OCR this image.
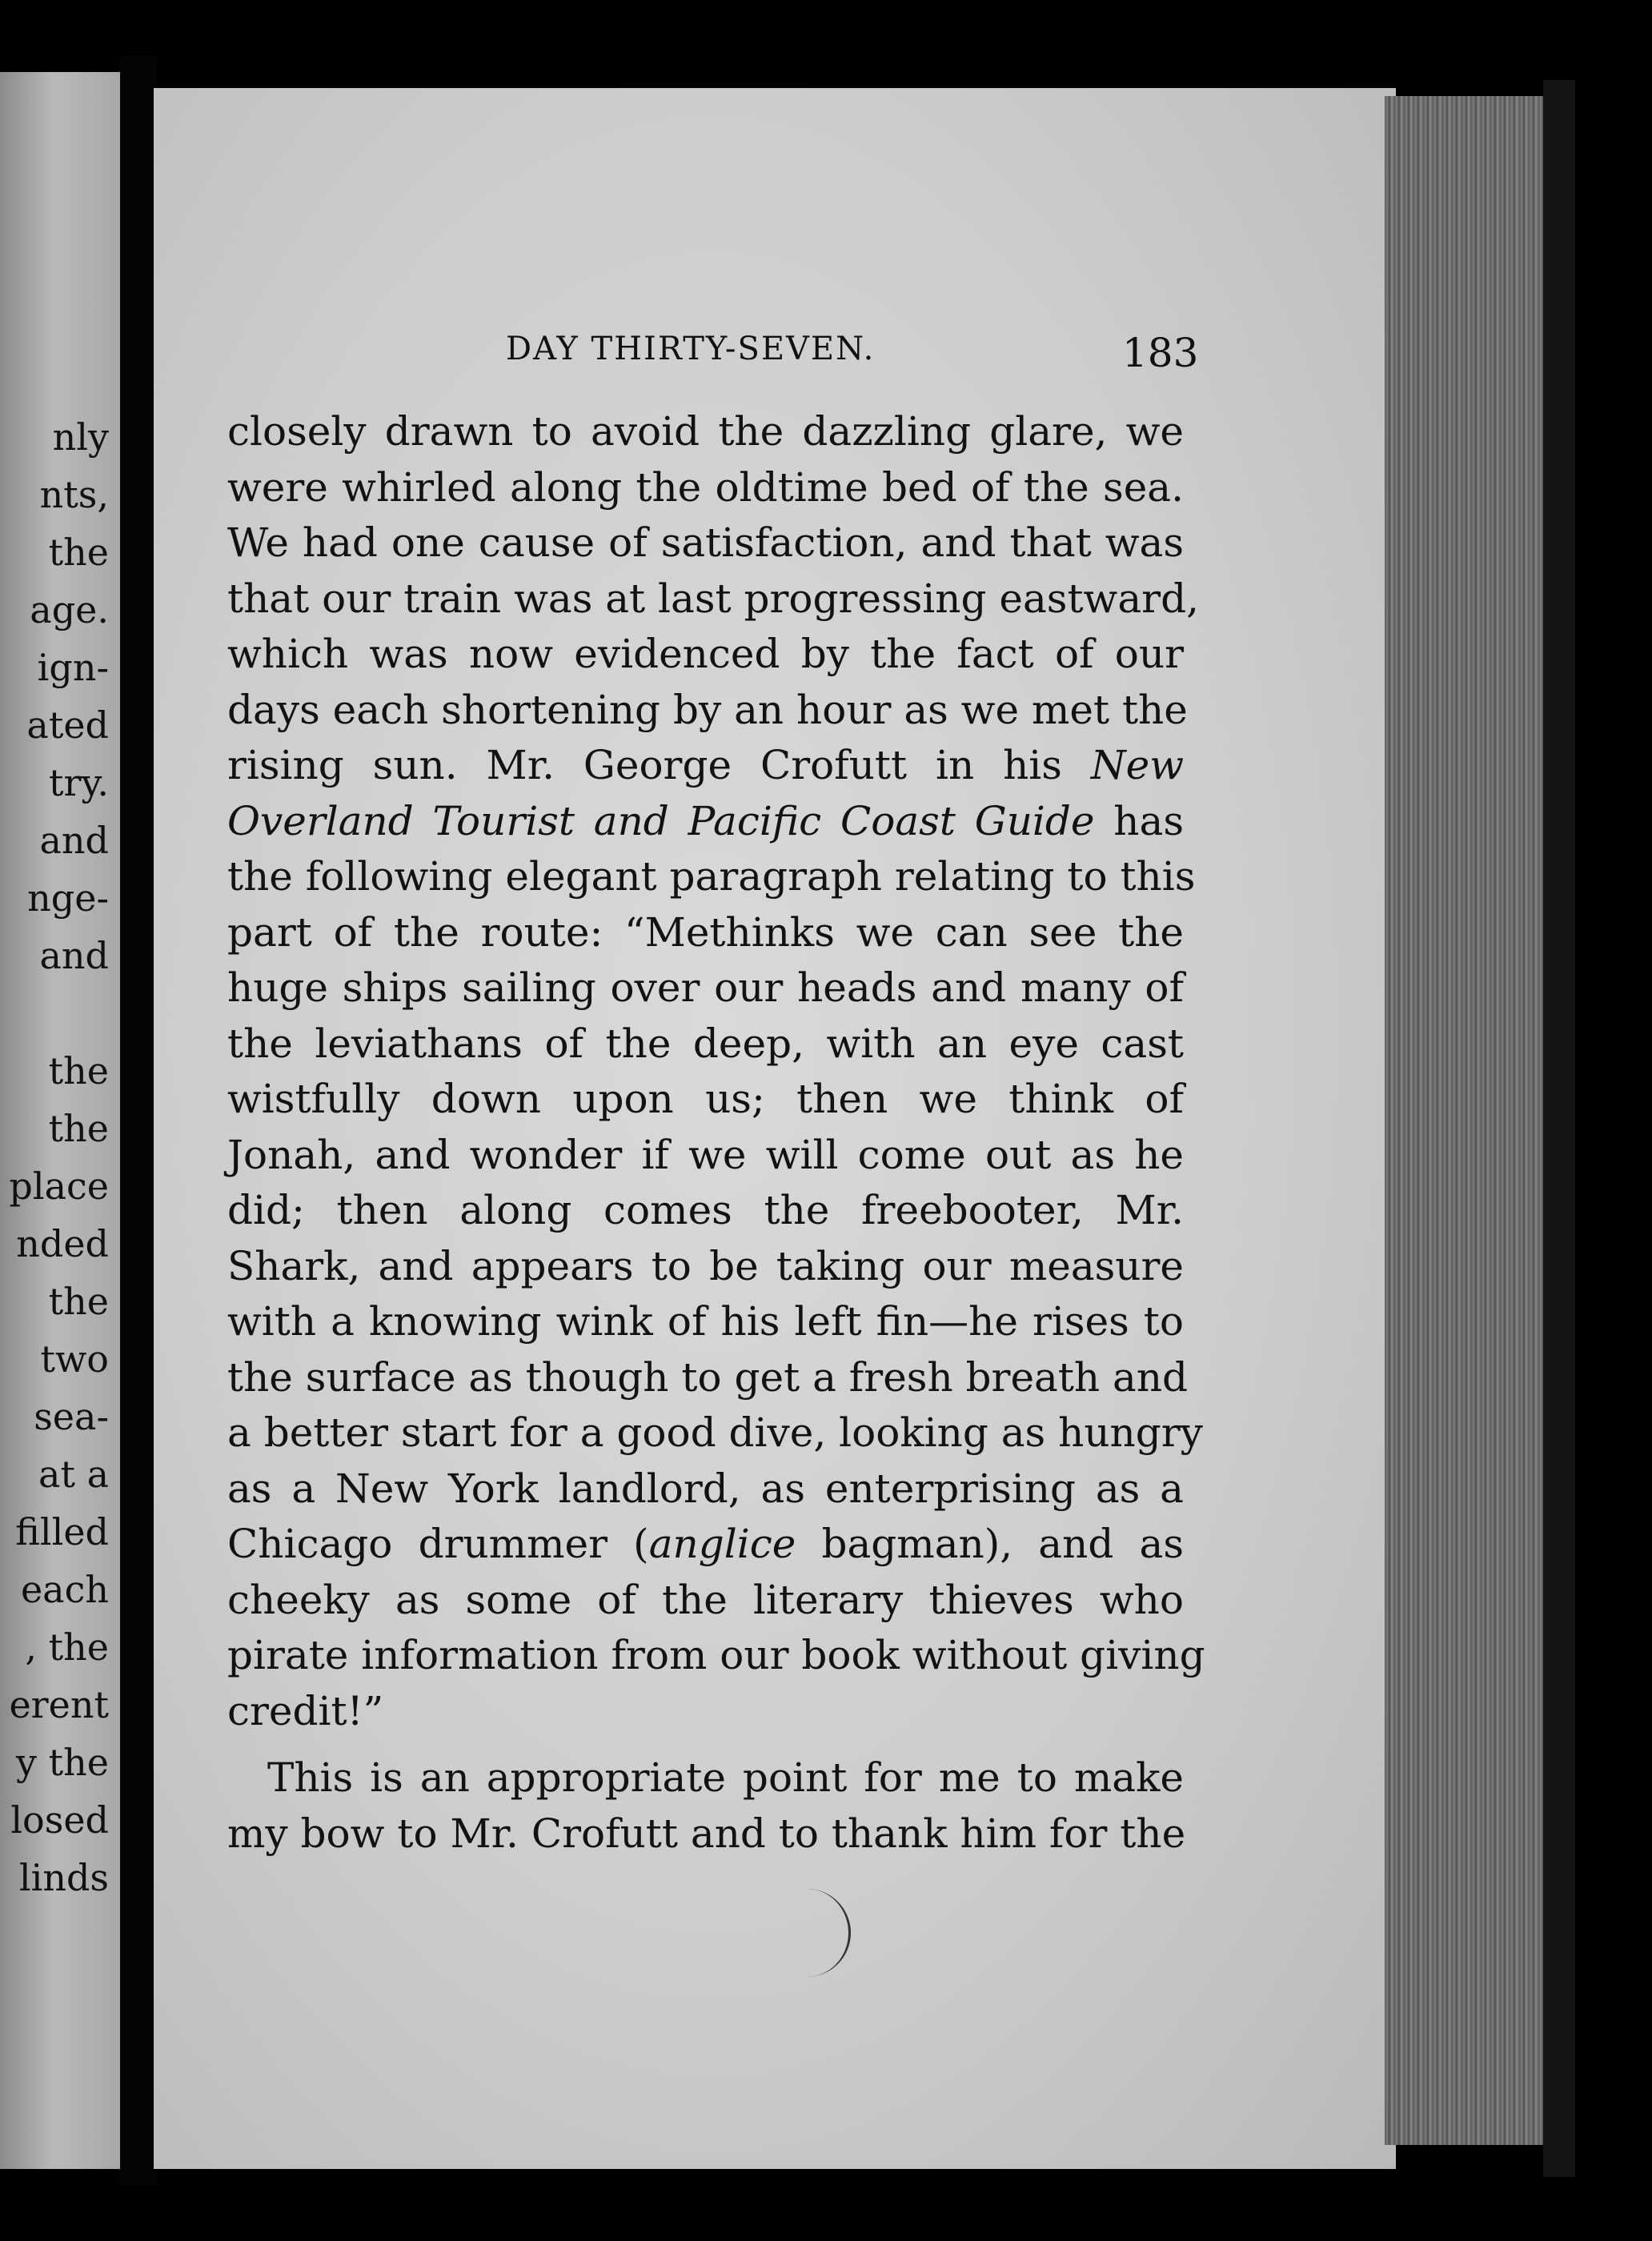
nly
nts,
the
age.
ign-
ated
try.
and
nge-
and
the
the
place
nded
the
two
sea-
at a
filled
each
, the
erent
y the
losed
linds
DAY THIRTY-SEVEN.	183
closely drawn to avoid the dazzling glare, we
were whirled along the oldtime bed of the sea.
We had one cause of satisfaction, and that was
that our train was at last progressing eastward,
which was now evidenced by the fact of our
days each shortening by an hour as we met the
rising sun. Mr. George Crofutt in his New
Overland Tourist and Pacific Coast Guide has
the following elegant paragraph relating to this
part of the route: “Methinks we can see the
huge ships sailing over our heads and many of
the leviathans of the deep, with an eye cast
wistfully down upon us; then we think of
Jonah, and wonder if we will come out as he
did; then along comes the freebooter, Mr.
Shark, and appears to be taking our measure
with a knowing wink of his left fin—he rises to
the surface as though to get a fresh breath and
a better start for a good dive, looking as hungry
as a New York landlord, as enterprising as a
Chicago drummer (anglice bagman), and as
cheeky as some of the literary thieves who
pirate information from our book without giving
credit!”
This is an appropriate point for me to make
my bow to Mr. Crofutt and to thank him for the
